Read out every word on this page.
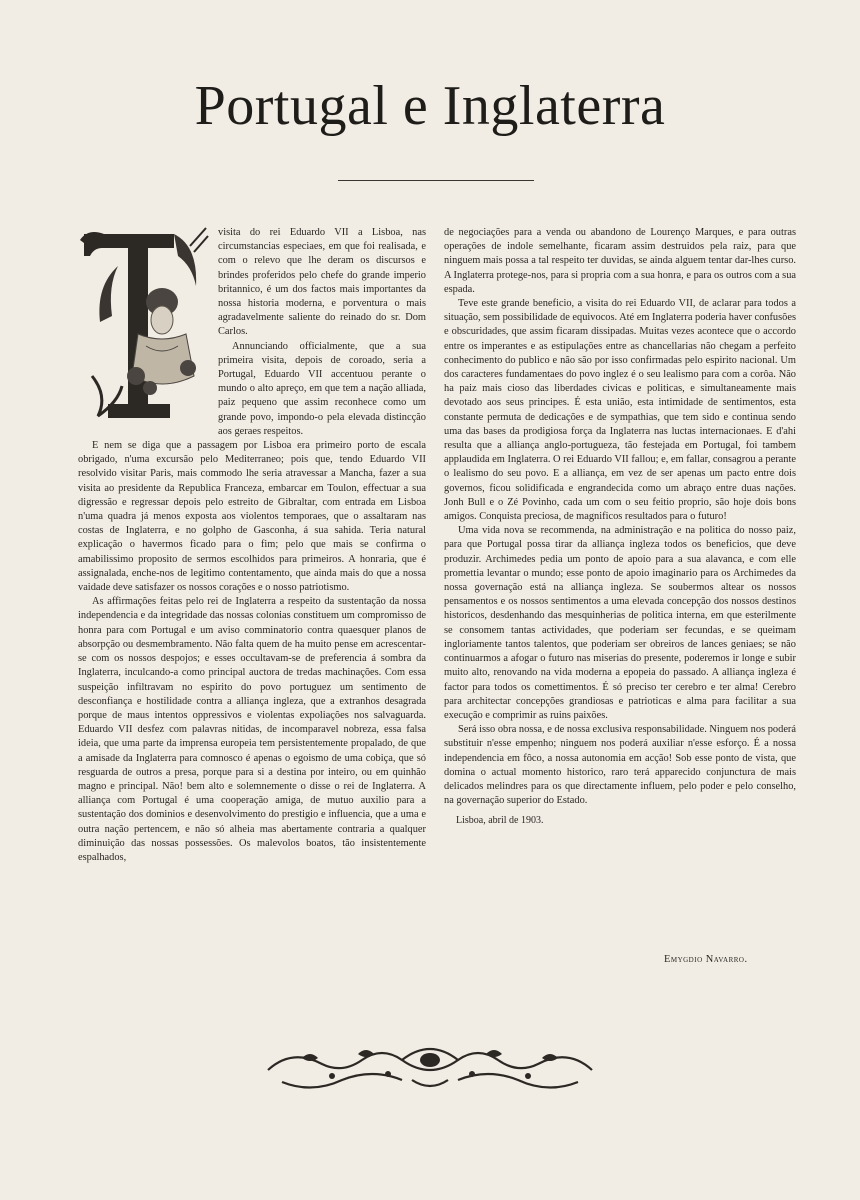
Portugal e Inglaterra

visita do rei Eduardo VII a Lisboa, nas circumstancias especiaes, em que foi realisada, e com o relevo que lhe deram os discursos e brindes proferidos pelo chefe do grande imperio britannico, é um dos factos mais importantes da nossa historia moderna, e porventura o mais agradavelmente saliente do reinado do sr. Dom Carlos.

Annunciando officialmente, que a sua primeira visita, depois de coroado, seria a Portugal, Eduardo VII accentuou perante o mundo o alto apreço, em que tem a nação alliada, paiz pequeno que assim reconhece como um grande povo, impondo-o pela elevada distincção aos geraes respeitos.

E nem se diga que a passagem por Lisboa era primeiro porto de escala obrigado, n'uma excursão pelo Mediterraneo; pois que, tendo Eduardo VII resolvido visitar Paris, mais commodo lhe seria atravessar a Mancha, fazer a sua visita ao presidente da Republica Franceza, embarcar em Toulon, effectuar a sua digressão e regressar depois pelo estreito de Gibraltar, com entrada em Lisboa n'uma quadra já menos exposta aos violentos temporaes, que o assaltaram nas costas de Inglaterra, e no golpho de Gasconha, á sua sahida. Teria natural explicação o havermos ficado para o fim; pelo que mais se confirma o amabilissimo proposito de sermos escolhidos para primeiros. A honraria, que é assignalada, enche-nos de legitimo contentamento, que ainda mais do que a nossa vaidade deve satisfazer os nossos corações e o nosso patriotismo.

As affirmações feitas pelo rei de Inglaterra a respeito da sustentação da nossa independencia e da integridade das nossas colonias constituem um compromisso de honra para com Portugal e um aviso comminatorio contra quaesquer planos de absorpção ou desmembramento. Não falta quem de ha muito pense em acrescentar-se com os nossos despojos; e esses occultavam-se de preferencia á sombra da Inglaterra, inculcando-a como principal auctora de tredas machinações. Com essa suspeição infiltravam no espirito do povo portuguez um sentimento de desconfiança e hostilidade contra a alliança ingleza, que a extranhos desagrada porque de maus intentos oppressivos e violentas expoliações nos salvaguarda. Eduardo VII desfez com palavras nitidas, de incomparavel nobreza, essa falsa ideia, que uma parte da imprensa europeia tem persistentemente propalado, de que a amisade da Inglaterra para comnosco é apenas o egoismo de uma cobiça, que só resguarda de outros a presa, porque para si a destina por inteiro, ou em quinhão magno e principal. Não! bem alto e solemnemente o disse o rei de Inglaterra. A alliança com Portugal é uma cooperação amiga, de mutuo auxilio para a sustentação dos dominios e desenvolvimento do prestigio e influencia, que a uma e outra nação pertencem, e não só alheia mas abertamente contraria a qualquer diminuição das nossas possessões. Os malevolos boatos, tão insistentemente espalhados,

de negociações para a venda ou abandono de Lourenço Marques, e para outras operações de indole semelhante, ficaram assim destruidos pela raiz, para que ninguem mais possa a tal respeito ter duvidas, se ainda alguem tentar dar-lhes curso. A Inglaterra protege-nos, para si propria com a sua honra, e para os outros com a sua espada.

Teve este grande beneficio, a visita do rei Eduardo VII, de aclarar para todos a situação, sem possibilidade de equivocos. Até em Inglaterra poderia haver confusões e obscuridades, que assim ficaram dissipadas. Muitas vezes acontece que o accordo entre os imperantes e as estipulações entre as chancellarias não chegam a perfeito conhecimento do publico e não são por isso confirmadas pelo espirito nacional. Um dos caracteres fundamentaes do povo inglez é o seu lealismo para com a corôa. Não ha paiz mais cioso das liberdades civicas e politicas, e simultaneamente mais devotado aos seus principes. É esta união, esta intimidade de sentimentos, esta constante permuta de dedicações e de sympathias, que tem sido e continua sendo uma das bases da prodigiosa força da Inglaterra nas luctas internacionaes. E d'ahi resulta que a alliança anglo-portugueza, tão festejada em Portugal, foi tambem applaudida em Inglaterra. O rei Eduardo VII fallou; e, em fallar, consagrou a perante o lealismo do seu povo. E a alliança, em vez de ser apenas um pacto entre dois governos, ficou solidificada e engrandecida como um abraço entre duas nações. Jonh Bull e o Zé Povinho, cada um com o seu feitio proprio, são hoje dois bons amigos. Conquista preciosa, de magnificos resultados para o futuro!

Uma vida nova se recommenda, na administração e na politica do nosso paiz, para que Portugal possa tirar da alliança ingleza todos os beneficios, que deve produzir. Archimedes pedia um ponto de apoio para a sua alavanca, e com elle promettia levantar o mundo; esse ponto de apoio imaginario para os Archimedes da nossa governação está na alliança ingleza. Se soubermos altear os nossos pensamentos e os nossos sentimentos a uma elevada concepção dos nossos destinos historicos, desdenhando das mesquinherias de politica interna, em que esterilmente se consomem tantas actividades, que poderiam ser fecundas, e se queimam ingloriamente tantos talentos, que poderiam ser obreiros de lances geniaes; se não continuarmos a afogar o futuro nas miserias do presente, poderemos ir longe e subir muito alto, renovando na vida moderna a epopeia do passado. A alliança ingleza é factor para todos os comettimentos. É só preciso ter cerebro e ter alma! Cerebro para architectar concepções grandiosas e patrioticas e alma para facilitar a sua execução e comprimir as ruins paixões.

Será isso obra nossa, e de nossa exclusiva responsabilidade. Ninguem nos poderá substituir n'esse empenho; ninguem nos poderá auxiliar n'esse esforço. É a nossa independencia em fôco, a nossa autonomia em acção! Sob esse ponto de vista, que domina o actual momento historico, raro terá apparecido conjunctura de mais delicados melindres para os que directamente influem, pelo poder e pelo conselho, na governação superior do Estado.

Lisboa, abril de 1903.
Emygdio Navarro.
